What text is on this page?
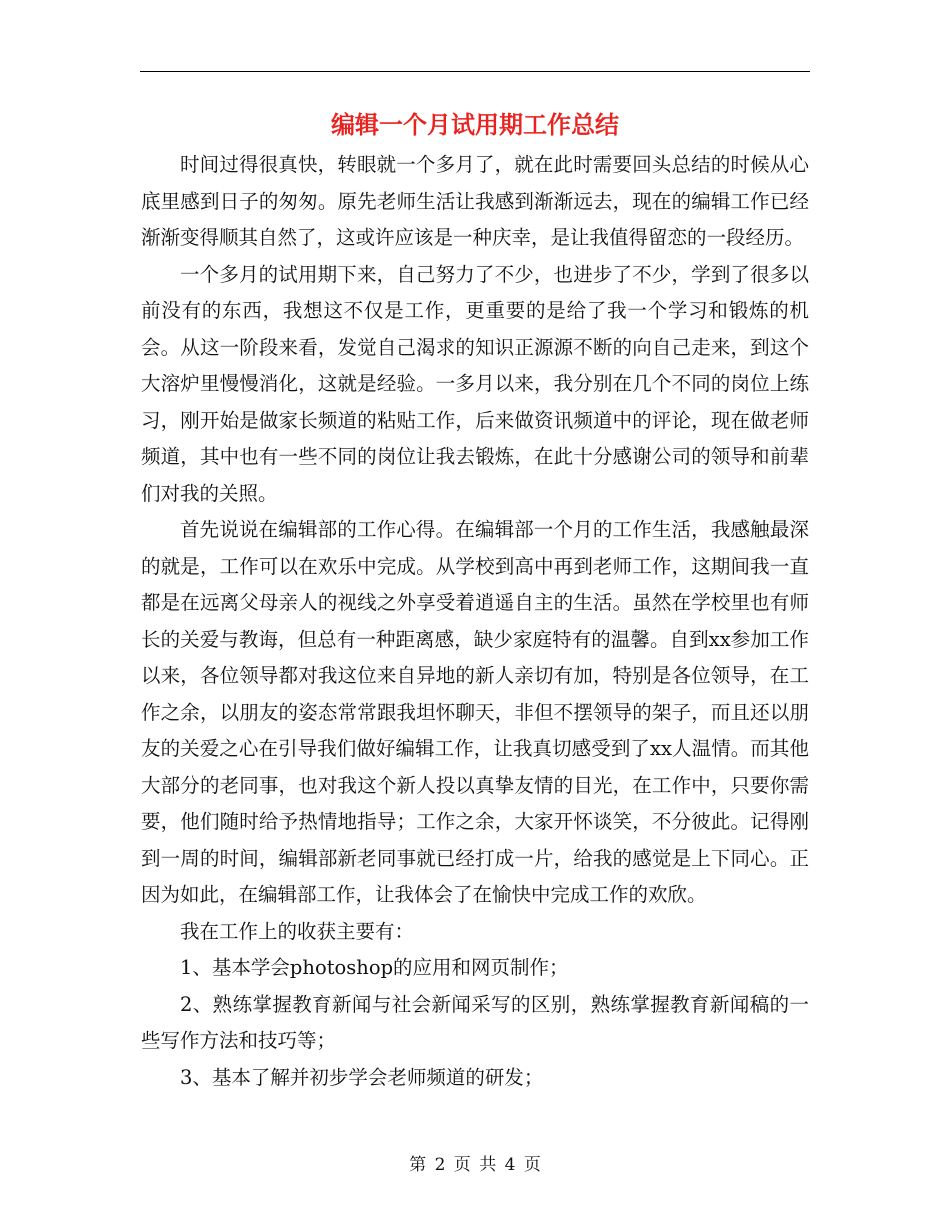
编辑一个月试用期工作总结

时间过得很真快，转眼就一个多月了，就在此时需要回头总结的时候从心底里感到日子的匆匆。原先老师生活让我感到渐渐远去，现在的编辑工作已经渐渐变得顺其自然了，这或许应该是一种庆幸，是让我值得留恋的一段经历。

一个多月的试用期下来，自己努力了不少，也进步了不少，学到了很多以前没有的东西，我想这不仅是工作，更重要的是给了我一个学习和锻炼的机会。从这一阶段来看，发觉自己渴求的知识正源源不断的向自己走来，到这个大溶炉里慢慢消化，这就是经验。一多月以来，我分别在几个不同的岗位上练习，刚开始是做家长频道的粘贴工作，后来做资讯频道中的评论，现在做老师频道，其中也有一些不同的岗位让我去锻炼，在此十分感谢公司的领导和前辈们对我的关照。

首先说说在编辑部的工作心得。在编辑部一个月的工作生活，我感触最深的就是，工作可以在欢乐中完成。从学校到高中再到老师工作，这期间我一直都是在远离父母亲人的视线之外享受着逍遥自主的生活。虽然在学校里也有师长的关爱与教诲，但总有一种距离感，缺少家庭特有的温馨。自到xx参加工作以来，各位领导都对我这位来自异地的新人亲切有加，特别是各位领导，在工作之余，以朋友的姿态常常跟我坦怀聊天，非但不摆领导的架子，而且还以朋友的关爱之心在引导我们做好编辑工作，让我真切感受到了xx人温情。而其他大部分的老同事，也对我这个新人投以真挚友情的目光，在工作中，只要你需要，他们随时给予热情地指导；工作之余，大家开怀谈笑，不分彼此。记得刚到一周的时间，编辑部新老同事就已经打成一片，给我的感觉是上下同心。正因为如此，在编辑部工作，让我体会了在愉快中完成工作的欢欣。

我在工作上的收获主要有：

1、基本学会photoshop的应用和网页制作；

2、熟练掌握教育新闻与社会新闻采写的区别，熟练掌握教育新闻稿的一些写作方法和技巧等；

3、基本了解并初步学会老师频道的研发；

第 2 页 共 4 页
